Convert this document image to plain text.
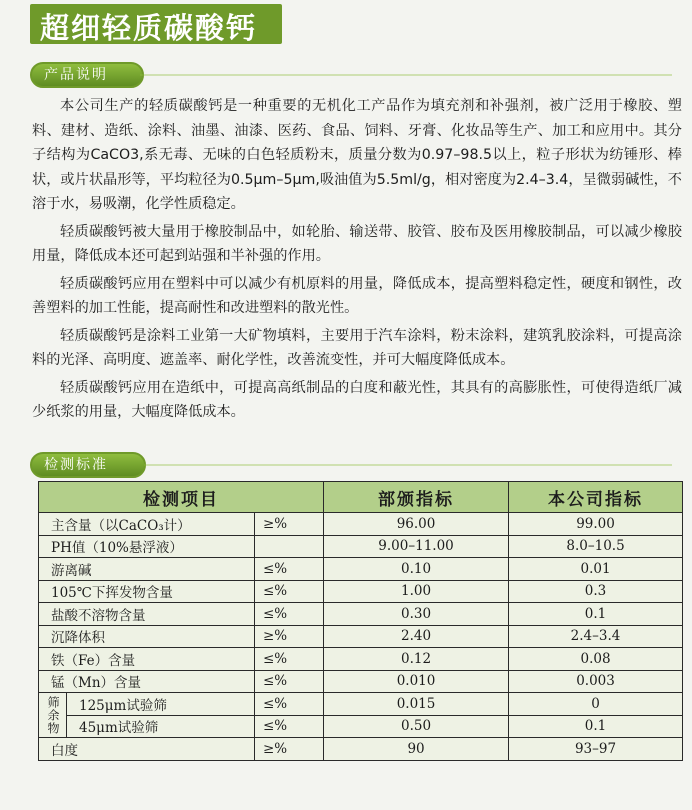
超细轻质碳酸钙
产品说明

本公司生产的轻质碳酸钙是一种重要的无机化工产品作为填充剂和补强剂，被广泛用于橡胶、塑料、建材、造纸、涂料、油墨、油漆、医药、食品、饲料、牙膏、化妆品等生产、加工和应用中。其分子结构为CaCO3,系无毒、无味的白色轻质粉末，质量分数为0.97–98.5以上，粒子形状为纺锤形、棒状，或片状晶形等，平均粒径为0.5μm–5μm,吸油值为5.5ml/g，相对密度为2.4–3.4，呈微弱碱性，不溶于水，易吸潮，化学性质稳定。

轻质碳酸钙被大量用于橡胶制品中，如轮胎、输送带、胶管、胶布及医用橡胶制品，可以减少橡胶用量，降低成本还可起到站强和半补强的作用。

轻质碳酸钙应用在塑料中可以减少有机原料的用量，降低成本，提高塑料稳定性，硬度和钢性，改善塑料的加工性能，提高耐性和改进塑料的散光性。

轻质碳酸钙是涂料工业第一大矿物填料，主要用于汽车涂料，粉末涂料，建筑乳胶涂料，可提高涂料的光泽、高明度、遮盖率、耐化学性，改善流变性，并可大幅度降低成本。

轻质碳酸钙应用在造纸中，可提高高纸制品的白度和蔽光性，其具有的高膨胀性，可使得造纸厂减少纸浆的用量，大幅度降低成本。

检测标准
检测项目			部颁指标	本公司指标
主含量（以CaCO₃计）		≥%	96.00	99.00
PH值（10%悬浮液）			9.00–11.00	8.0–10.5
游离碱		≤%	0.10	0.01
105℃下挥发物含量		≤%	1.00	0.3
盐酸不溶物含量		≤%	0.30	0.1
沉降体积		≥%	2.40	2.4–3.4
铁（Fe）含量		≤%	0.12	0.08
锰（Mn）含量		≤%	0.010	0.003
筛余物	125μm试验筛	≤%	0.015	0
	45μm试验筛	≤%	0.50	0.1
白度		≥%	90	93–97
